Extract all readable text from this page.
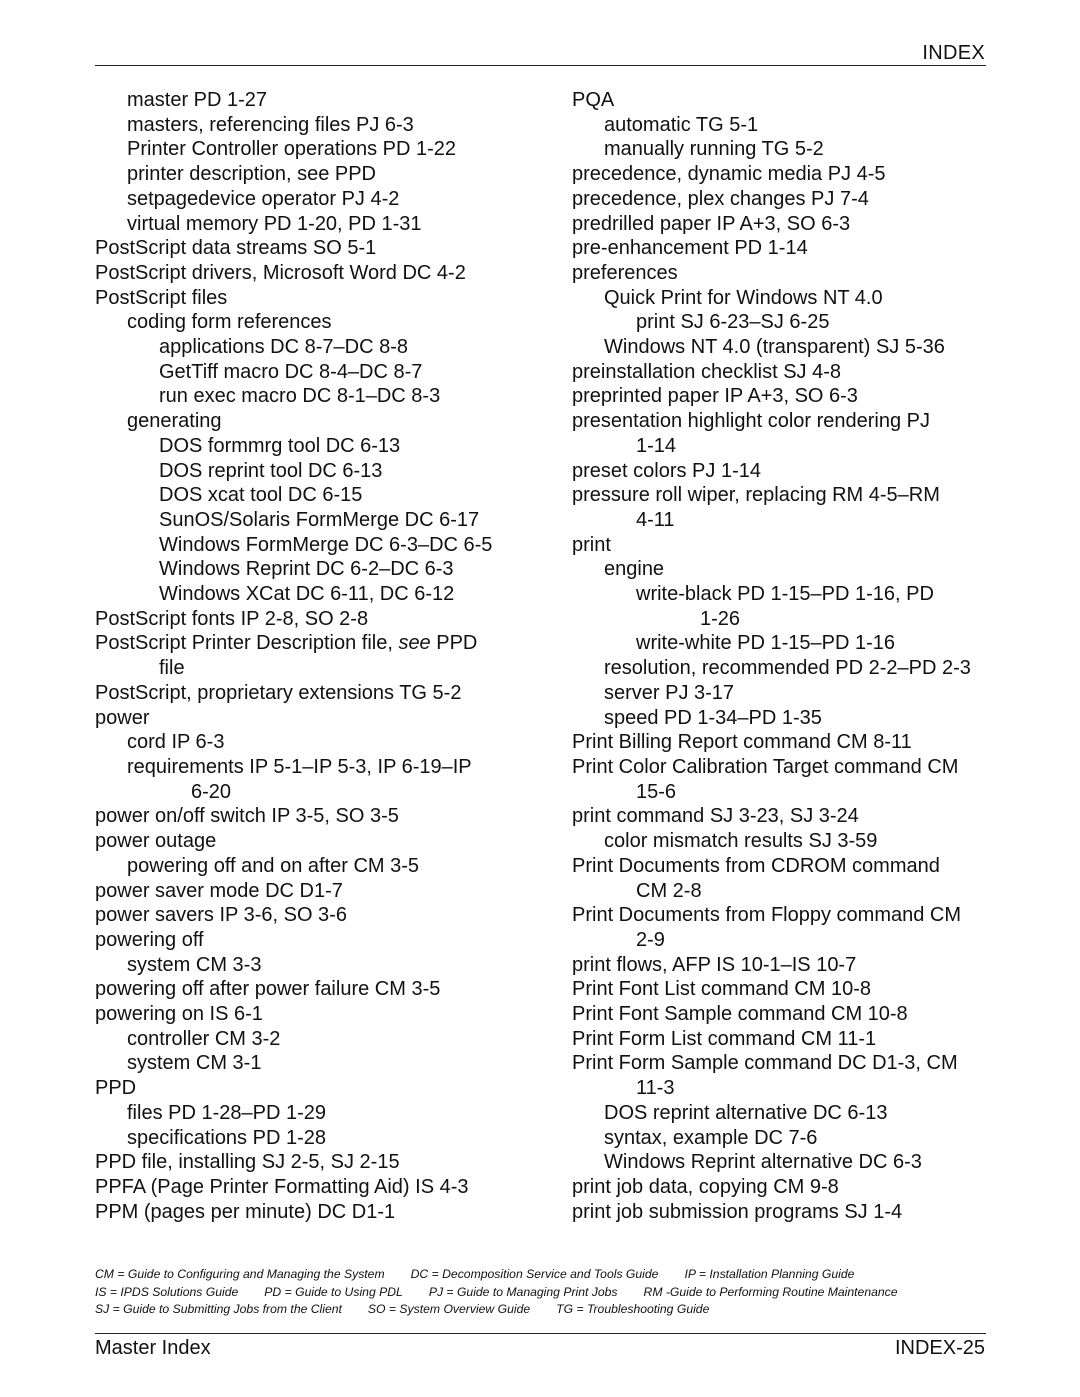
INDEX
master PD 1-27
masters, referencing files PJ 6-3
Printer Controller operations PD 1-22
printer description, see PPD
setpagedevice operator PJ 4-2
virtual memory PD 1-20, PD 1-31
PostScript data streams SO 5-1
PostScript drivers, Microsoft Word DC 4-2
PostScript files
coding form references
applications DC 8-7–DC 8-8
GetTiff macro DC 8-4–DC 8-7
run exec macro DC 8-1–DC 8-3
generating
DOS formmrg tool DC 6-13
DOS reprint tool DC 6-13
DOS xcat tool DC 6-15
SunOS/Solaris FormMerge DC 6-17
Windows FormMerge DC 6-3–DC 6-5
Windows Reprint DC 6-2–DC 6-3
Windows XCat DC 6-11, DC 6-12
PostScript fonts IP 2-8, SO 2-8
PostScript Printer Description file, see PPD
file
PostScript, proprietary extensions TG 5-2
power
cord IP 6-3
requirements IP 5-1–IP 5-3, IP 6-19–IP
6-20
power on/off switch IP 3-5, SO 3-5
power outage
powering off and on after CM 3-5
power saver mode DC D1-7
power savers IP 3-6, SO 3-6
powering off
system CM 3-3
powering off after power failure CM 3-5
powering on IS 6-1
controller CM 3-2
system CM 3-1
PPD
files PD 1-28–PD 1-29
specifications PD 1-28
PPD file, installing SJ 2-5, SJ 2-15
PPFA (Page Printer Formatting Aid) IS 4-3
PPM (pages per minute) DC D1-1
PQA
automatic TG 5-1
manually running TG 5-2
precedence, dynamic media PJ 4-5
precedence, plex changes PJ 7-4
predrilled paper IP A+3, SO 6-3
pre-enhancement PD 1-14
preferences
Quick Print for Windows NT 4.0
print SJ 6-23–SJ 6-25
Windows NT 4.0 (transparent) SJ 5-36
preinstallation checklist SJ 4-8
preprinted paper IP A+3, SO 6-3
presentation highlight color rendering PJ
1-14
preset colors PJ 1-14
pressure roll wiper, replacing RM 4-5–RM
4-11
print
engine
write-black PD 1-15–PD 1-16, PD
1-26
write-white PD 1-15–PD 1-16
resolution, recommended PD 2-2–PD 2-3
server PJ 3-17
speed PD 1-34–PD 1-35
Print Billing Report command CM 8-11
Print Color Calibration Target command CM
15-6
print command SJ 3-23, SJ 3-24
color mismatch results SJ 3-59
Print Documents from CDROM command
CM 2-8
Print Documents from Floppy command CM
2-9
print flows, AFP IS 10-1–IS 10-7
Print Font List command CM 10-8
Print Font Sample command CM 10-8
Print Form List command CM 11-1
Print Form Sample command DC D1-3, CM
11-3
DOS reprint alternative DC 6-13
syntax, example DC 7-6
Windows Reprint alternative DC 6-3
print job data, copying CM 9-8
print job submission programs SJ 1-4
CM = Guide to Configuring and Managing the System DC = Decomposition Service and Tools Guide IP = Installation Planning Guide
IS = IPDS Solutions Guide PD = Guide to Using PDL PJ = Guide to Managing Print Jobs RM -Guide to Performing Routine Maintenance
SJ = Guide to Submitting Jobs from the Client SO = System Overview Guide TG = Troubleshooting Guide
Master Index	INDEX-25
